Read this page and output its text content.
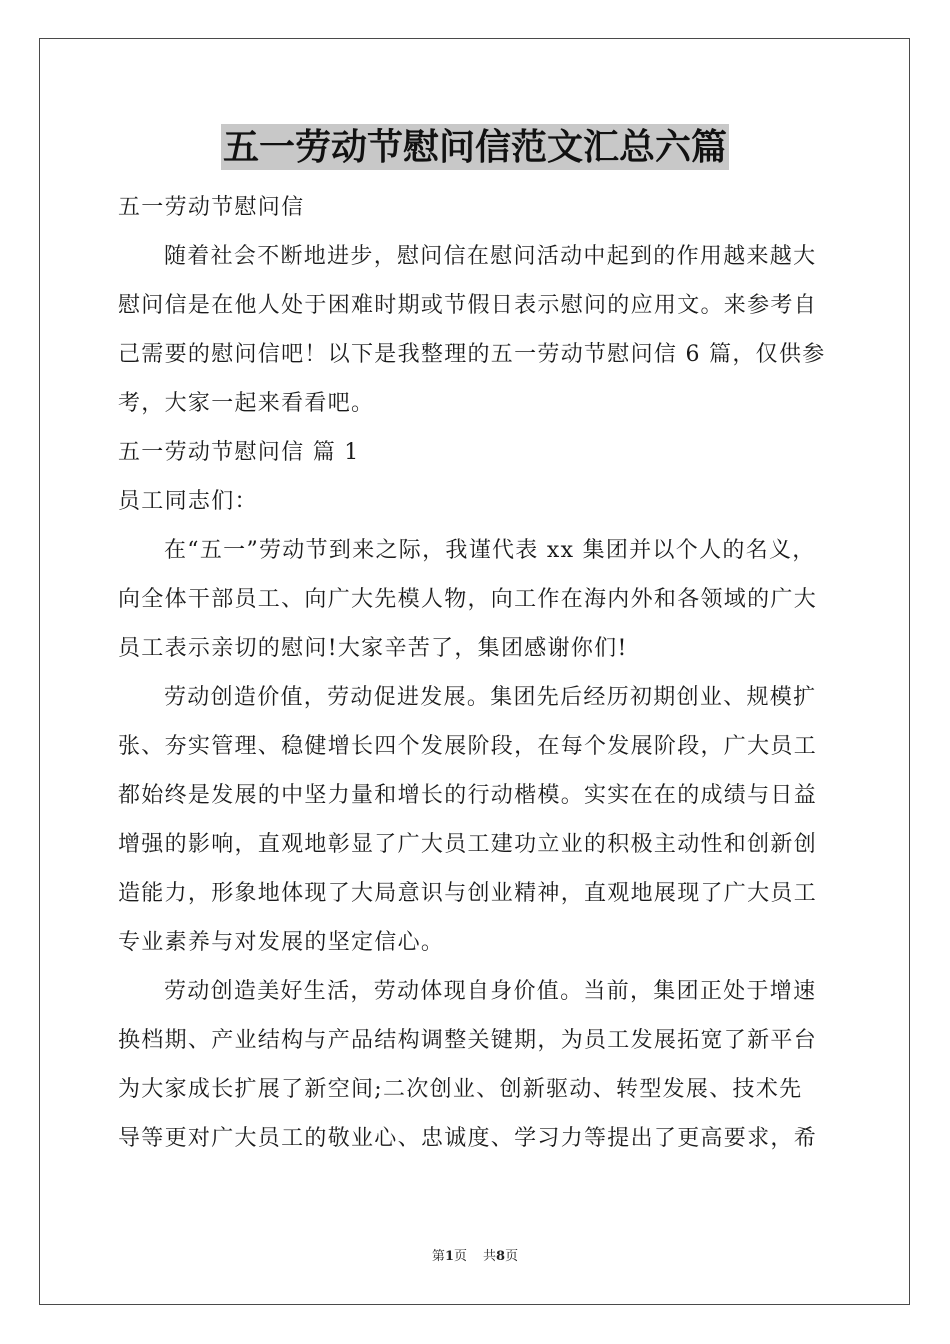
五一劳动节慰问信范文汇总六篇
五一劳动节慰问信
随着社会不断地进步，慰问信在慰问活动中起到的作用越来越大
慰问信是在他人处于困难时期或节假日表示慰问的应用文。来参考自
己需要的慰问信吧！以下是我整理的五一劳动节慰问信 6 篇，仅供参
考，大家一起来看看吧。
五一劳动节慰问信 篇 1
员工同志们：
在“五一”劳动节到来之际，我谨代表 xx 集团并以个人的名义，
向全体干部员工、向广大先模人物，向工作在海内外和各领域的广大
员工表示亲切的慰问!大家辛苦了，集团感谢你们!
劳动创造价值，劳动促进发展。集团先后经历初期创业、规模扩
张、夯实管理、稳健增长四个发展阶段，在每个发展阶段，广大员工
都始终是发展的中坚力量和增长的行动楷模。实实在在的成绩与日益
增强的影响，直观地彰显了广大员工建功立业的积极主动性和创新创
造能力，形象地体现了大局意识与创业精神，直观地展现了广大员工
专业素养与对发展的坚定信心。
劳动创造美好生活，劳动体现自身价值。当前，集团正处于增速
换档期、产业结构与产品结构调整关键期，为员工发展拓宽了新平台
为大家成长扩展了新空间;二次创业、创新驱动、转型发展、技术先
导等更对广大员工的敬业心、忠诚度、学习力等提出了更高要求，希
第1页 共8页
